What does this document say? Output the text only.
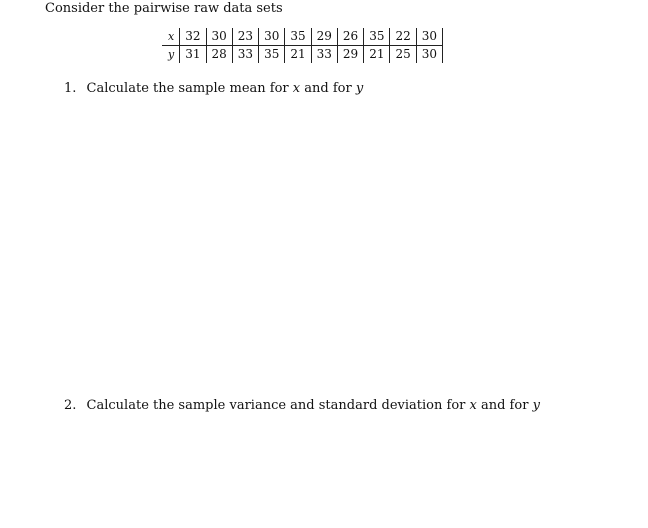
Consider the pairwise raw data sets
x	32	30	23	30	35	29	26	35	22	30
y	31	28	33	35	21	33	29	21	25	30
1. Calculate the sample mean for x and for y
2. Calculate the sample variance and standard deviation for x and for y
